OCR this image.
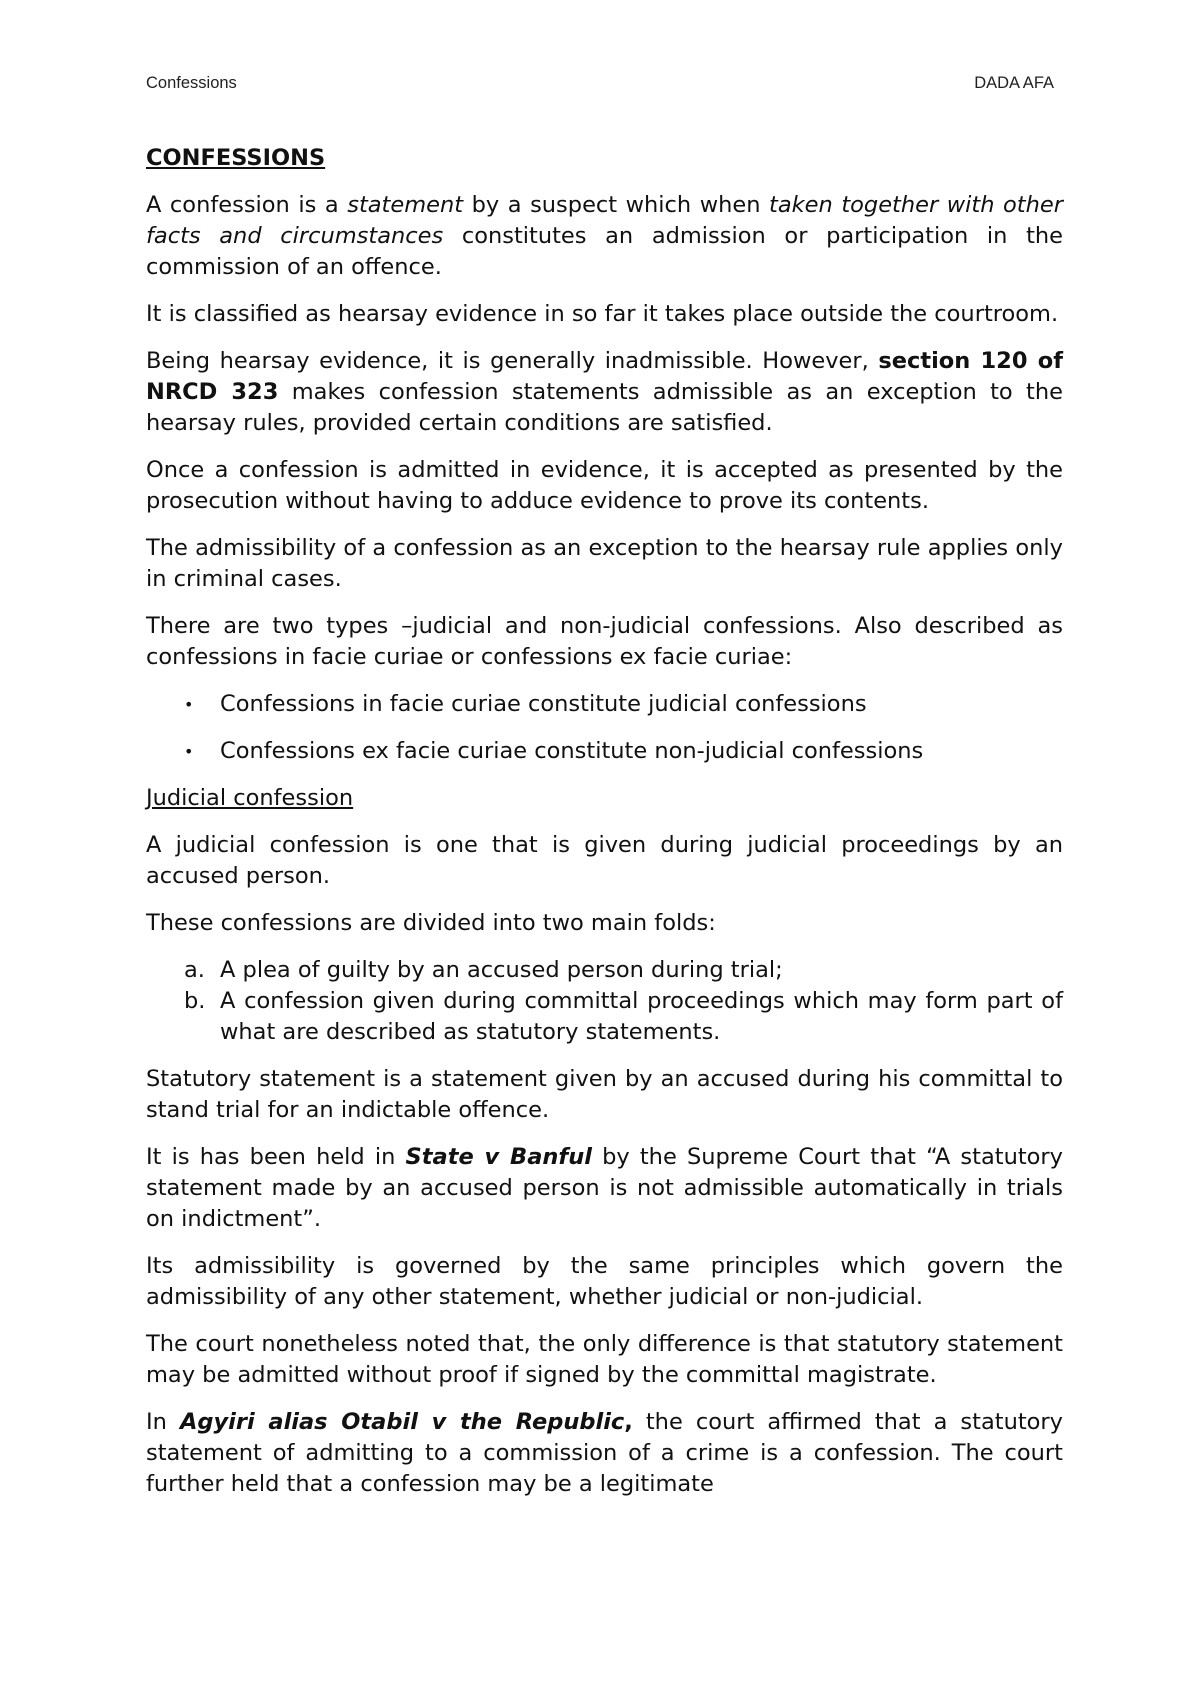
Confessions	DADA AFA

CONFESSIONS

A confession is a statement by a suspect which when taken together with other facts and circumstances constitutes an admission or participation in the commission of an offence.

It is classified as hearsay evidence in so far it takes place outside the courtroom.

Being hearsay evidence, it is generally inadmissible. However, section 120 of NRCD 323 makes confession statements admissible as an exception to the hearsay rules, provided certain conditions are satisfied.

Once a confession is admitted in evidence, it is accepted as presented by the prosecution without having to adduce evidence to prove its contents.

The admissibility of a confession as an exception to the hearsay rule applies only in criminal cases.

There are two types –judicial and non-judicial confessions. Also described as confessions in facie curiae or confessions ex facie curiae:

• Confessions in facie curiae constitute judicial confessions
• Confessions ex facie curiae constitute non-judicial confessions

Judicial confession

A judicial confession is one that is given during judicial proceedings by an accused person.

These confessions are divided into two main folds:

a. A plea of guilty by an accused person during trial;
b. A confession given during committal proceedings which may form part of what are described as statutory statements.

Statutory statement is a statement given by an accused during his committal to stand trial for an indictable offence.

It is has been held in State v Banful by the Supreme Court that “A statutory statement made by an accused person is not admissible automatically in trials on indictment”.

Its admissibility is governed by the same principles which govern the admissibility of any other statement, whether judicial or non-judicial.

The court nonetheless noted that, the only difference is that statutory statement may be admitted without proof if signed by the committal magistrate.

In Agyiri alias Otabil v the Republic, the court affirmed that a statutory statement of admitting to a commission of a crime is a confession. The court further held that a confession may be a legitimate
